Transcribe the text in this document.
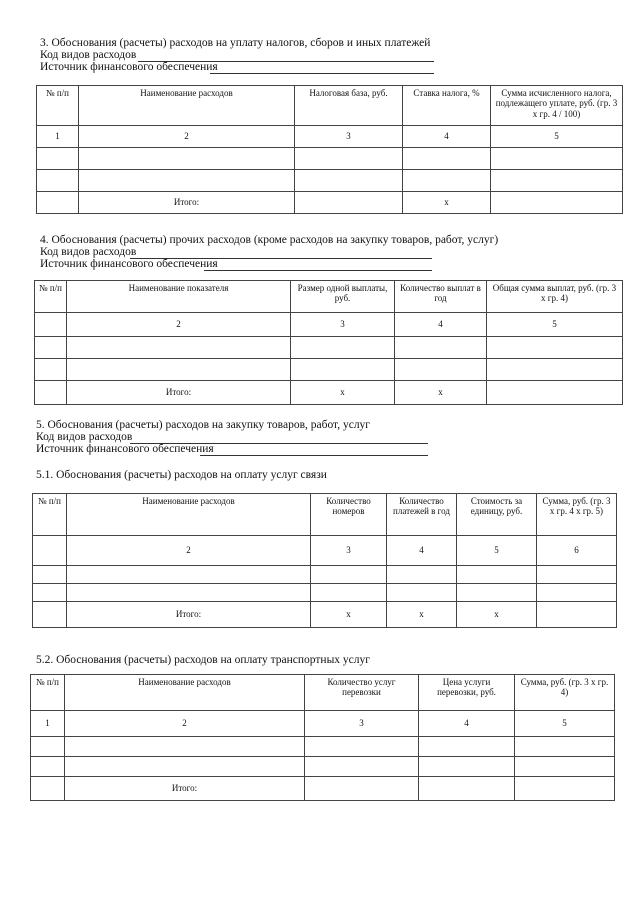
3. Обоснования (расчеты) расходов на уплату налогов, сборов и иных платежей
Код видов расходов
Источник финансового обеспечения
№ п/п	Наименование расходов	Налоговая база, руб.	Ставка налога, %	Сумма исчисленного налога, подлежащего уплате, руб. (гр. 3 х гр. 4 / 100)
1	2	3	4	5

	Итого:		x	
4. Обоснования (расчеты) прочих расходов (кроме расходов на закупку товаров, работ, услуг)
Код видов расходов
Источник финансового обеспечения
№ п/п	Наименование показателя	Размер одной выплаты, руб.	Количество выплат в год	Общая сумма выплат, руб. (гр. 3 х гр. 4)
	2	3	4	5

	Итого:	x	x	
5. Обоснования (расчеты) расходов на закупку товаров, работ, услуг
Код видов расходов
Источник финансового обеспечения
5.1. Обоснования (расчеты) расходов на оплату услуг связи
№ п/п	Наименование расходов	Количество номеров	Количество платежей в год	Стоимость за единицу, руб.	Сумма, руб. (гр. 3 х гр. 4 х гр. 5)
	2	3	4	5	6

	Итого:	x	x	x	
5.2. Обоснования (расчеты) расходов на оплату транспортных услуг
№ п/п	Наименование расходов	Количество услуг перевозки	Цена услуги перевозки, руб.	Сумма, руб. (гр. 3 х гр. 4)
1	2	3	4	5

	Итого:			
